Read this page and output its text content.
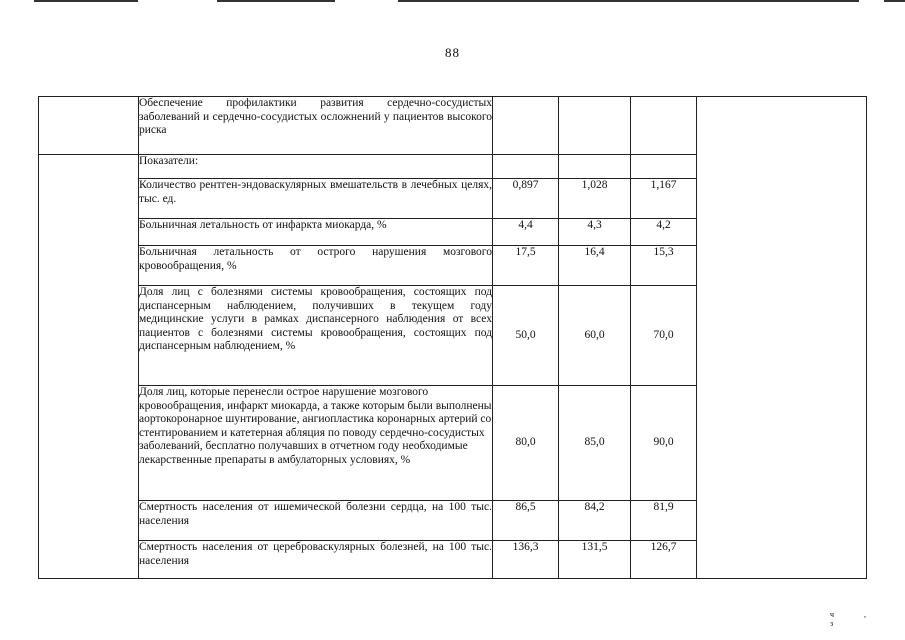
88
	Обеспечение профилактики развития сердечно-сосудистых заболеваний и сердечно-сосудистых осложнений у пациентов высокого риска				
	Показатели:				
	Количество рентген-эндоваскулярных вмешательств в лечебных целях, тыс. ед.	0,897	1,028	1,167	
	Больничная летальность от инфаркта миокарда, %	4,4	4,3	4,2	
	Больничная летальность от острого нарушения мозгового кровообращения, %	17,5	16,4	15,3	
	Доля лиц с болезнями системы кровообращения, состоящих под диспансерным наблюдением, получивших в текущем году медицинские услуги в рамках диспансерного наблюдения от всех пациентов с болезнями системы кровообращения, состоящих под диспансерным наблюдением, %	50,0	60,0	70,0	
	Доля лиц, которые перенесли острое нарушение мозгового кровообращения, инфаркт миокарда, а также которым были выполнены аортокоронарное шунтирование, ангиопластика коронарных артерий со стентированием и катетерная абляция по поводу сердечно-сосудистых заболеваний, бесплатно получавших в отчетном году необходимые лекарственные препараты в амбулаторных условиях, %	80,0	85,0	90,0	
	Смертность населения от ишемической болезни сердца, на 100 тыс. населения	86,5	84,2	81,9	
	Смертность населения от цереброваскулярных болезней, на 100 тыс. населения	136,3	131,5	126,7	
ч , з
